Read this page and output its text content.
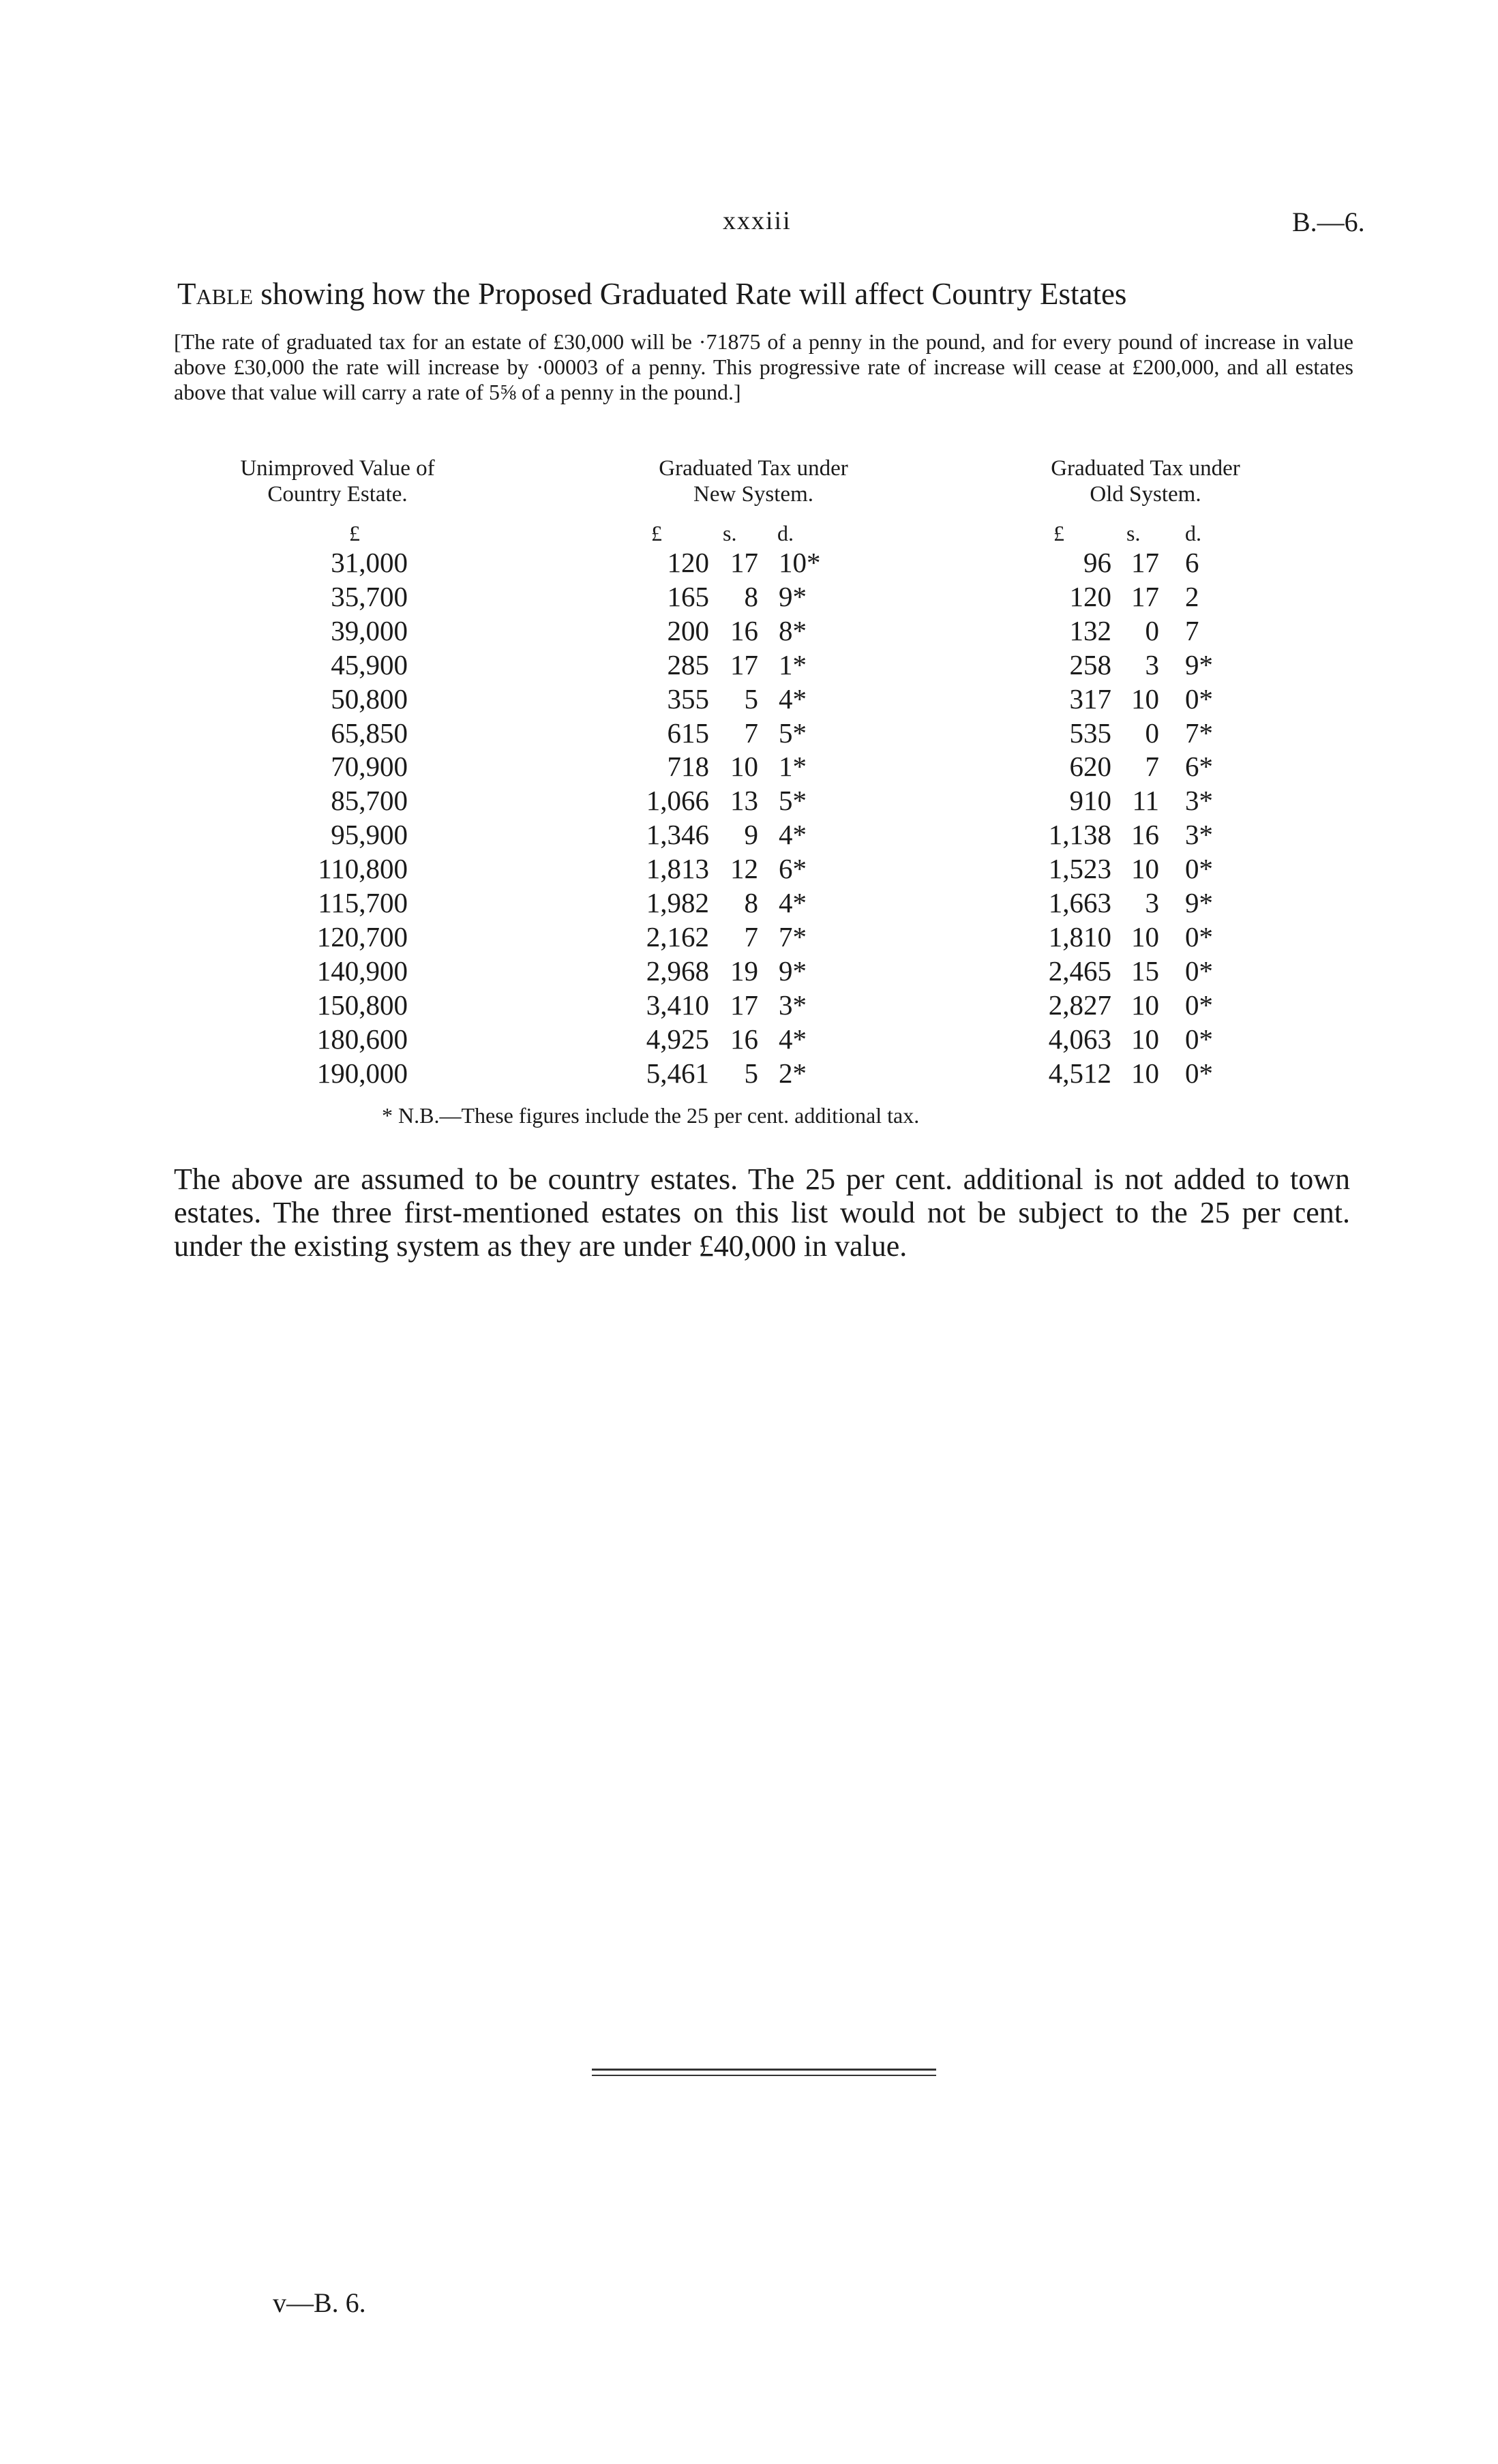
xxxiii	B.—6.
Table showing how the Proposed Graduated Rate will affect Country Estates
[The rate of graduated tax for an estate of £30,000 will be ·71875 of a penny in the pound, and for every pound of increase in value above £30,000 the rate will increase by ·00003 of a penny. This progressive rate of increase will cease at £200,000, and all estates above that value will carry a rate of 5⅝ of a penny in the pound.]
Unimproved Value of
Country Estate.
Graduated Tax under
New System.
Graduated Tax under
Old System.
£	£	s. d.	£	s. d.
31,000	120 17 10*	96 17 6
35,700	165 8 9*	120 17 2
39,000	200 16 8*	132 0 7
45,900	285 17 1*	258 3 9*
50,800	355 5 4*	317 10 0*
65,850	615 7 5*	535 0 7*
70,900	718 10 1*	620 7 6*
85,700	1,066 13 5*	910 11 3*
95,900	1,346 9 4*	1,138 16 3*
110,800	1,813 12 6*	1,523 10 0*
115,700	1,982 8 4*	1,663 3 9*
120,700	2,162 7 7*	1,810 10 0*
140,900	2,968 19 9*	2,465 15 0*
150,800	3,410 17 3*	2,827 10 0*
180,600	4,925 16 4*	4,063 10 0*
190,000	5,461 5 2*	4,512 10 0*
* N.B.—These figures include the 25 per cent. additional tax.
The above are assumed to be country estates. The 25 per cent. additional is not added to town estates. The three first-mentioned estates on this list would not be subject to the 25 per cent. under the existing system as they are under £40,000 in value.
v—B. 6.
